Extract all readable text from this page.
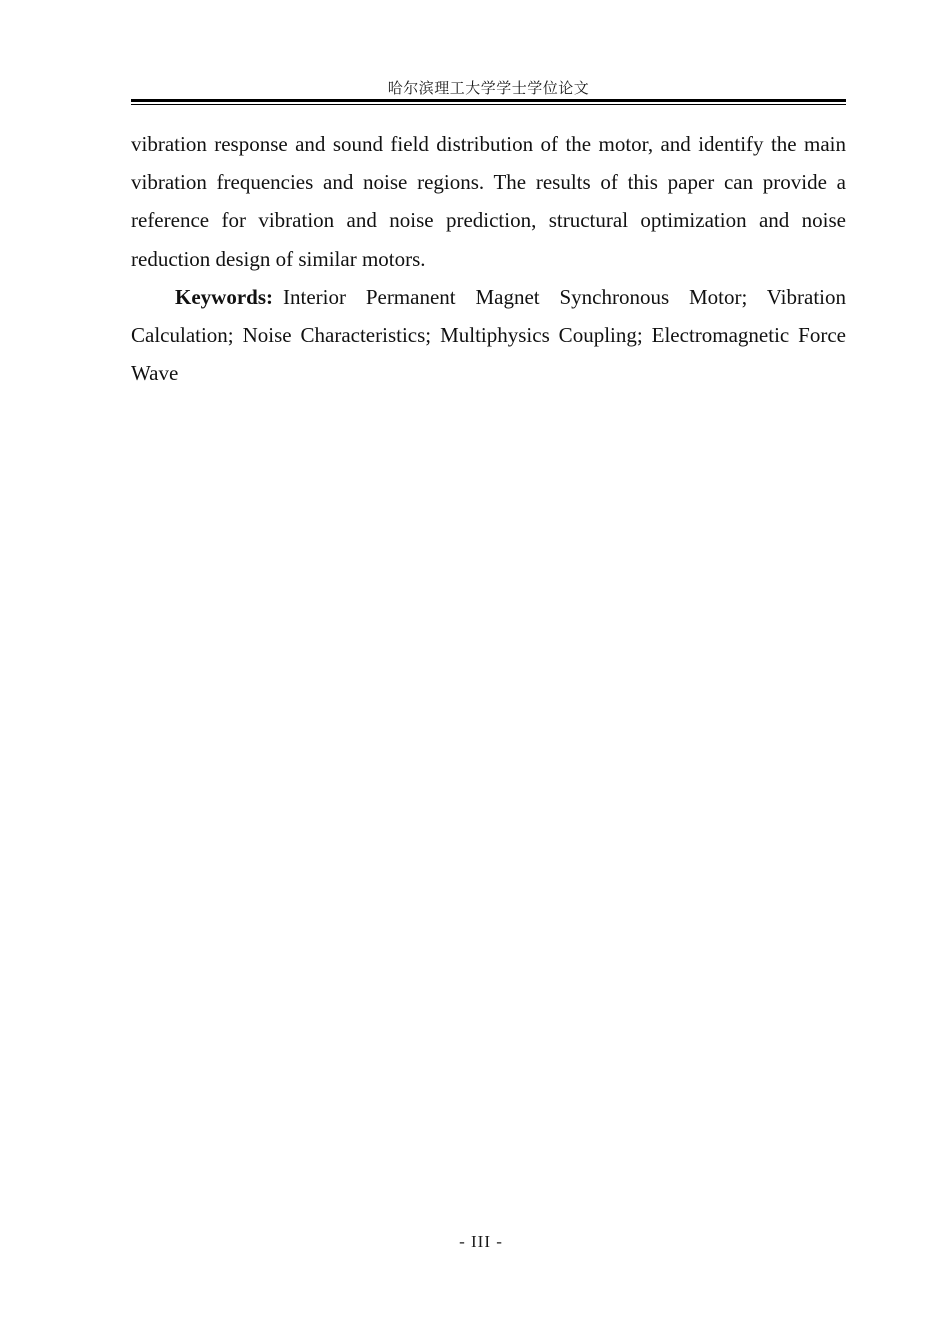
哈尔滨理工大学学士学位论文

vibration response and sound field distribution of the motor, and identify the main vibration frequencies and noise regions. The results of this paper can provide a reference for vibration and noise prediction, structural optimization and noise reduction design of similar motors.

Keywords: Interior Permanent Magnet Synchronous Motor; Vibration Calculation; Noise Characteristics; Multiphysics Coupling; Electromagnetic Force Wave

- III -
